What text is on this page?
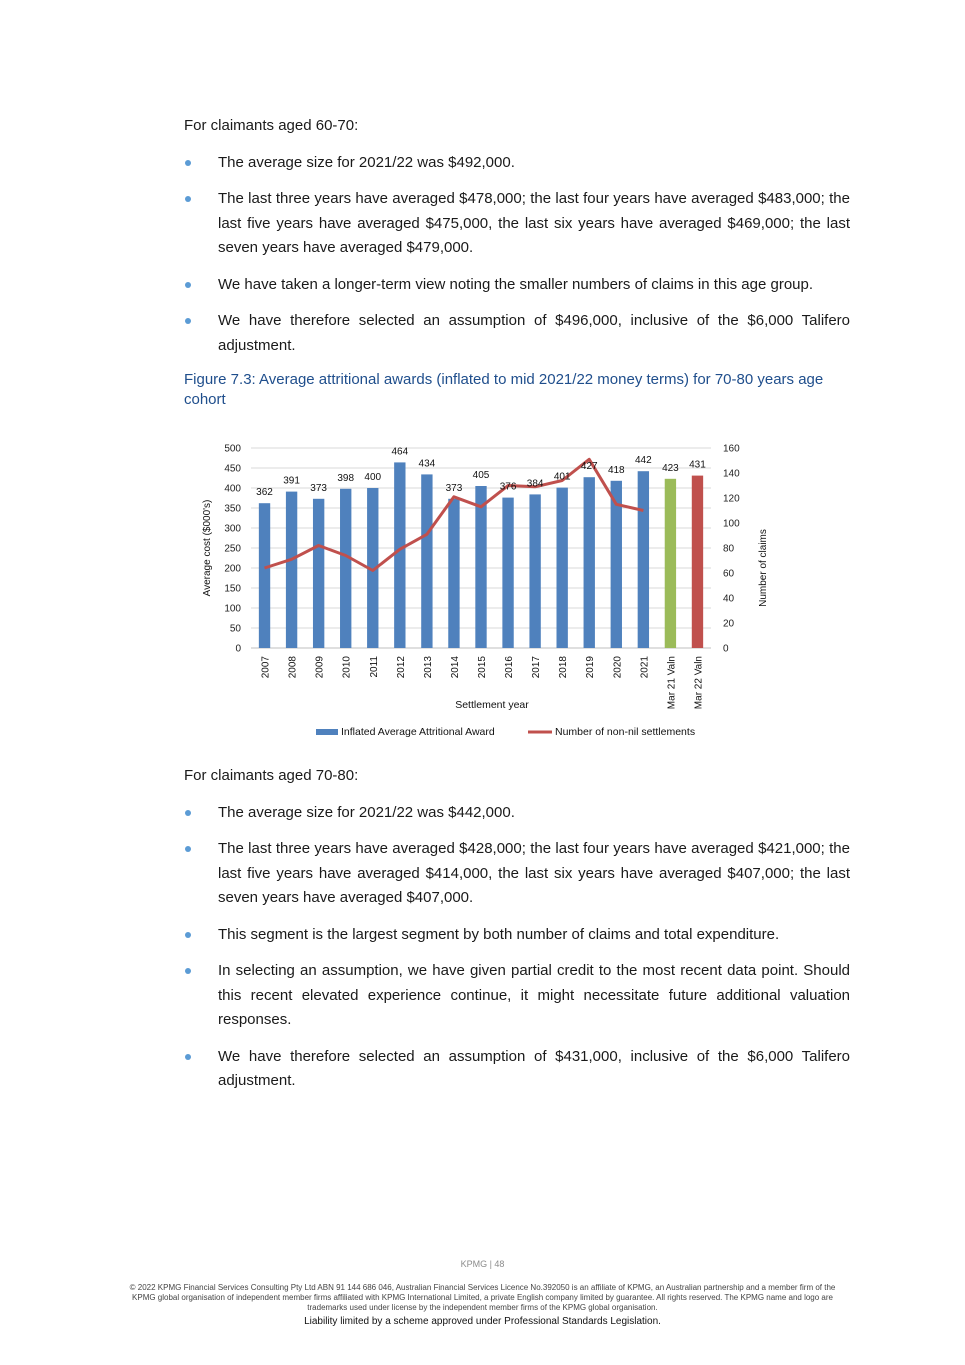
For claimants aged 60-70:

The average size for 2021/22 was $492,000.
The last three years have averaged $478,000; the last four years have averaged $483,000; the last five years have averaged $475,000, the last six years have averaged $469,000; the last seven years have averaged $479,000.
We have taken a longer-term view noting the smaller numbers of claims in this age group.
We have therefore selected an assumption of $496,000, inclusive of the $6,000 Talifero adjustment.

Figure 7.3: Average attritional awards (inflated to mid 2021/22 money terms) for 70-80 years age cohort

0
50
100
150
200
250
300
350
400
450
500
0
20
40
60
80
100
120
140
160
362
391
373
398 400
464
434
373
405
376 384
401
427 418
442
423 431
2007 2008 2009 2010 2011 2012 2013 2014 2015 2016 2017 2018 2019 2020 2021 Mar 21 Valn Mar 22 Valn
Average cost ($000's)	Number of claims
Settlement year
Inflated Average Attritional Award	Number of non-nil settlements

For claimants aged 70-80:

The average size for 2021/22 was $442,000.
The last three years have averaged $428,000; the last four years have averaged $421,000; the last five years have averaged $414,000, the last six years have averaged $407,000; the last seven years have averaged $407,000.
This segment is the largest segment by both number of claims and total expenditure.
In selecting an assumption, we have given partial credit to the most recent data point. Should this recent elevated experience continue, it might necessitate future additional valuation responses.
We have therefore selected an assumption of $431,000, inclusive of the $6,000 Talifero adjustment.
KPMG | 48
© 2022 KPMG Financial Services Consulting Pty Ltd ABN 91 144 686 046, Australian Financial Services Licence No.392050 is an affiliate of KPMG, an Australian partnership and a member firm of the KPMG global organisation of independent member firms affiliated with KPMG International Limited, a private English company limited by guarantee. All rights reserved. The KPMG name and logo are trademarks used under license by the independent member firms of the KPMG global organisation.
Liability limited by a scheme approved under Professional Standards Legislation.
